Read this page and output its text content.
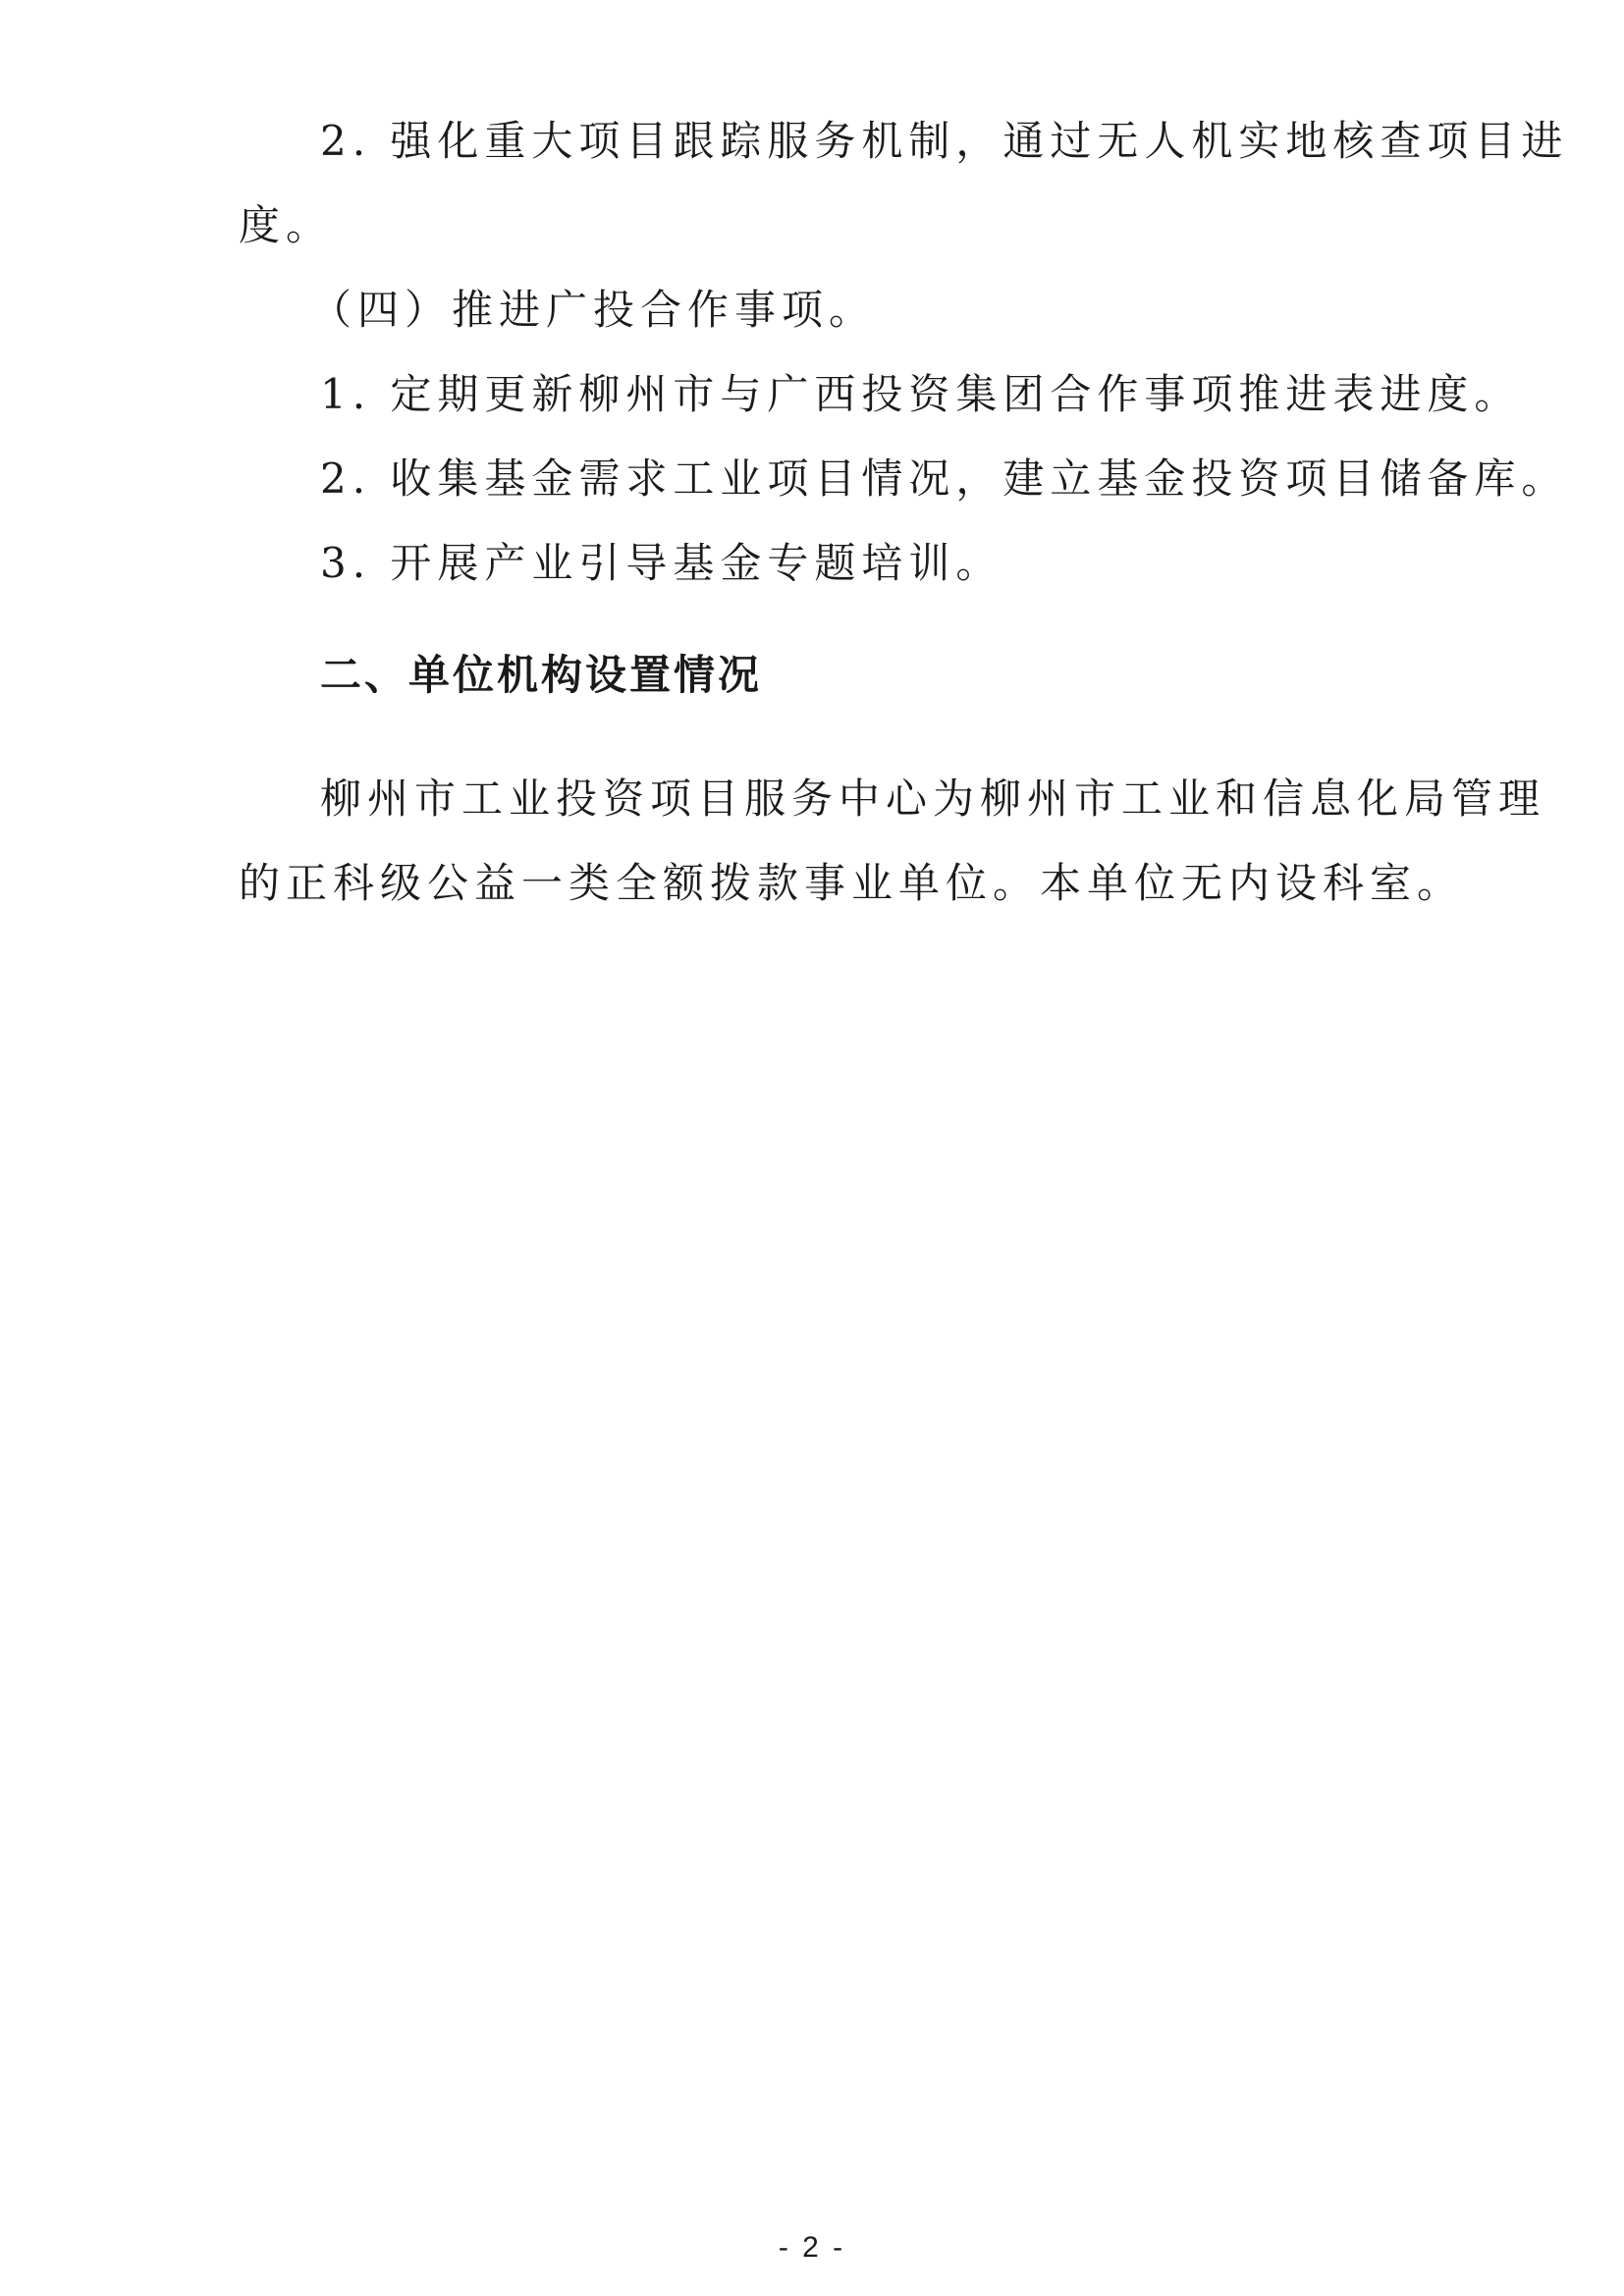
2. 强化重大项目跟踪服务机制，通过无人机实地核查项目进
度。
（四）推进广投合作事项。
1. 定期更新柳州市与广西投资集团合作事项推进表进度。
2. 收集基金需求工业项目情况，建立基金投资项目储备库。
3. 开展产业引导基金专题培训。
二、单位机构设置情况
柳州市工业投资项目服务中心为柳州市工业和信息化局管理
的正科级公益一类全额拨款事业单位。本单位无内设科室。
- 2 -
